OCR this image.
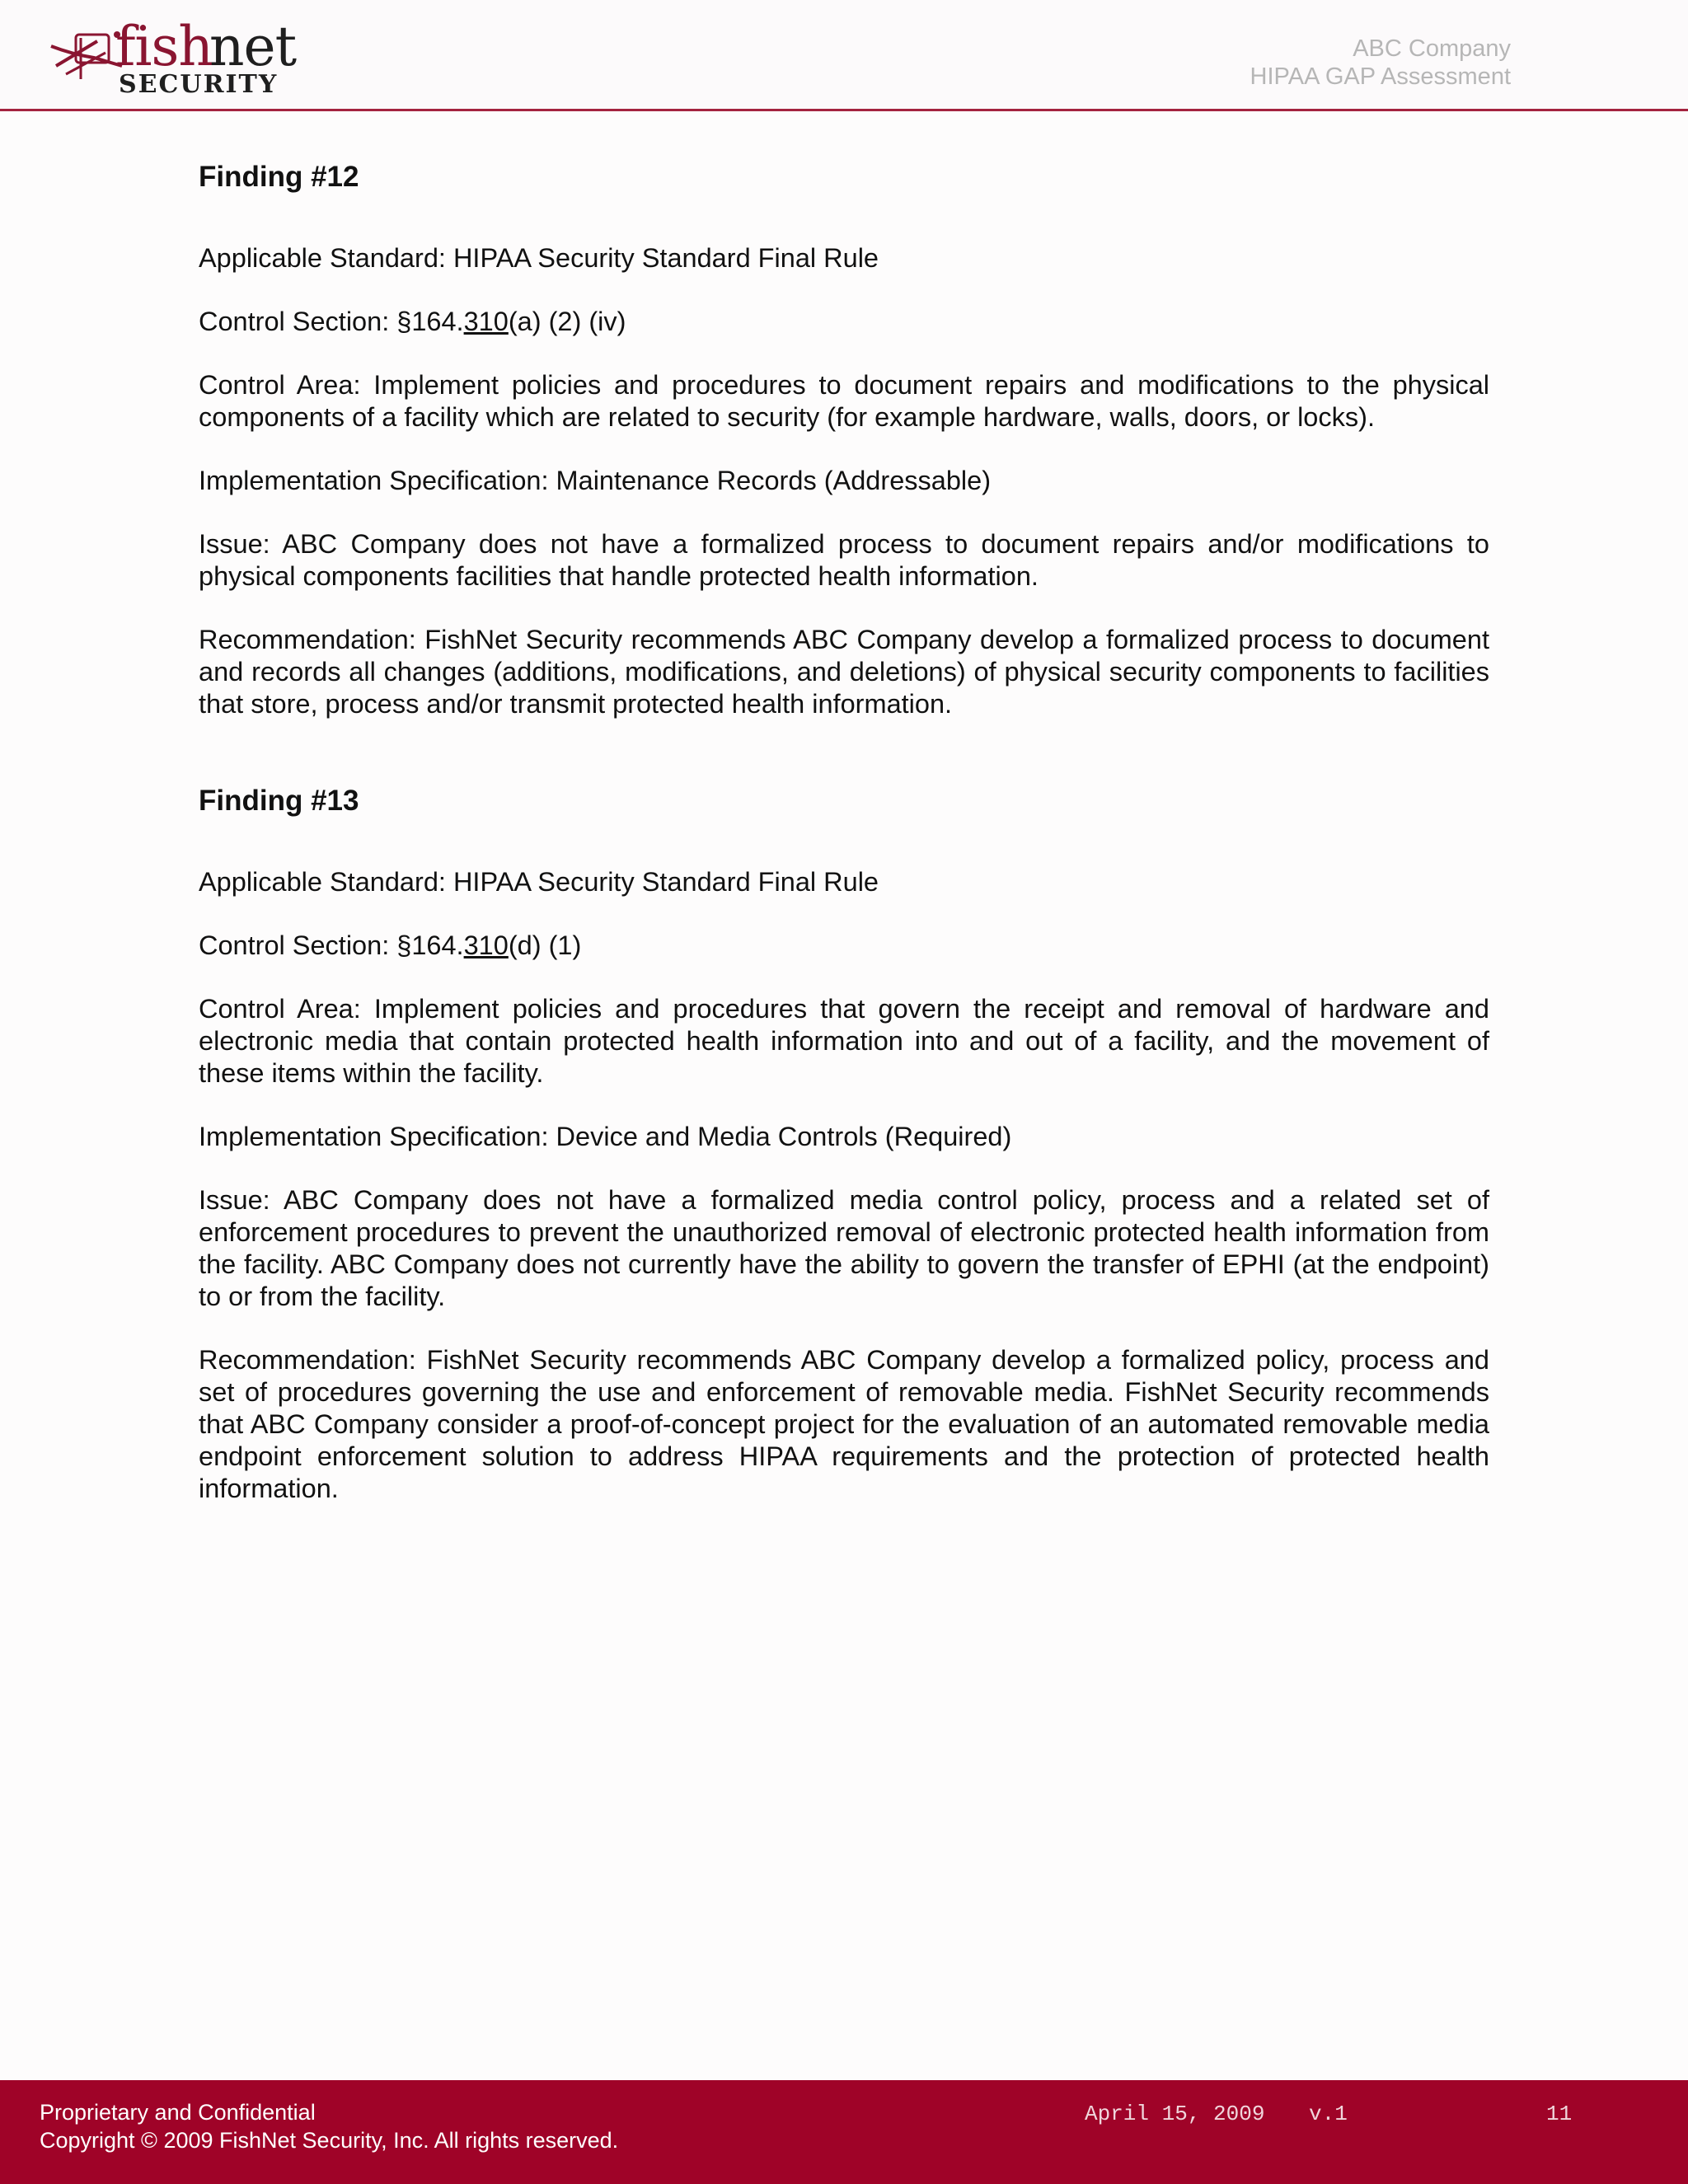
fish
net
SECURITY
ABC Company
HIPAA GAP Assessment
Finding #12

Applicable Standard: HIPAA Security Standard Final Rule

Control Section: §164.310(a) (2) (iv)

Control Area: Implement policies and procedures to document repairs and modifications to the physical components of a facility which are related to security (for example hardware, walls, doors, or locks).

Implementation Specification: Maintenance Records (Addressable)

Issue: ABC Company does not have a formalized process to document repairs and/or modifications to physical components facilities that handle protected health information.

Recommendation: FishNet Security recommends ABC Company develop a formalized process to document and records all changes (additions, modifications, and deletions) of physical security components to facilities that store, process and/or transmit protected health information.

Finding #13

Applicable Standard: HIPAA Security Standard Final Rule

Control Section: §164.310(d) (1)

Control Area: Implement policies and procedures that govern the receipt and removal of hardware and electronic media that contain protected health information into and out of a facility, and the movement of these items within the facility.

Implementation Specification: Device and Media Controls (Required)

Issue: ABC Company does not have a formalized media control policy, process and a related set of enforcement procedures to prevent the unauthorized removal of electronic protected health information from the facility. ABC Company does not currently have the ability to govern the transfer of EPHI (at the endpoint) to or from the facility.

Recommendation: FishNet Security recommends ABC Company develop a formalized policy, process and set of procedures governing the use and enforcement of removable media. FishNet Security recommends that ABC Company consider a proof-of-concept project for the evaluation of an automated removable media endpoint enforcement solution to address HIPAA requirements and the protection of protected health information.

Proprietary and Confidential
Copyright © 2009 FishNet Security, Inc. All rights reserved.
April 15, 2009 v.1	11
